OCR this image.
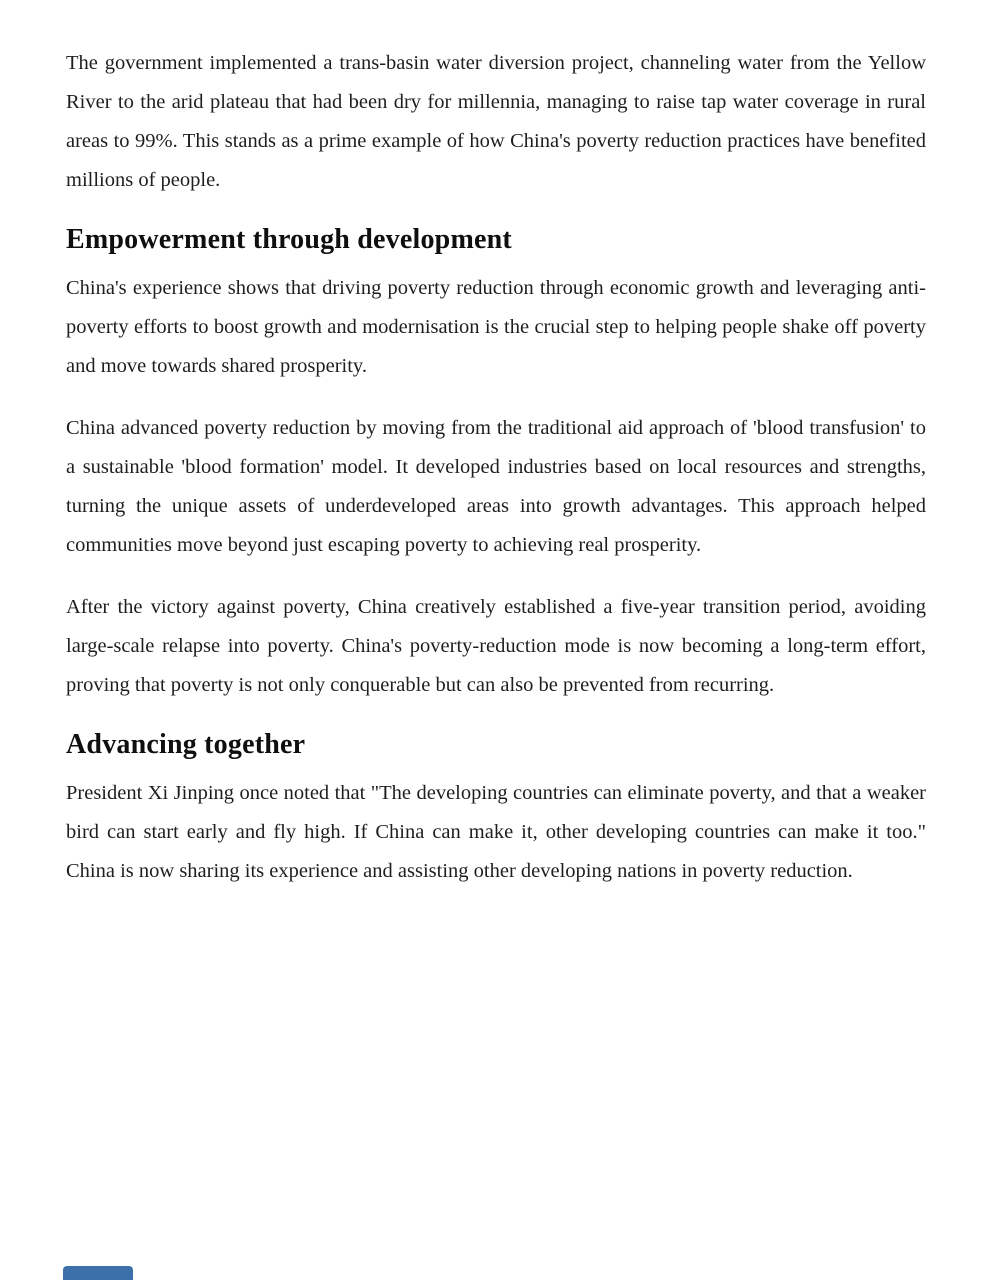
The government implemented a trans-basin water diversion project, channeling water from the Yellow River to the arid plateau that had been dry for millennia, managing to raise tap water coverage in rural areas to 99%. This stands as a prime example of how China's poverty reduction practices have benefited millions of people.

Empowerment through development

China's experience shows that driving poverty reduction through economic growth and leveraging anti-poverty efforts to boost growth and modernisation is the crucial step to helping people shake off poverty and move towards shared prosperity.

China advanced poverty reduction by moving from the traditional aid approach of 'blood transfusion' to a sustainable 'blood formation' model. It developed industries based on local resources and strengths, turning the unique assets of underdeveloped areas into growth advantages. This approach helped communities move beyond just escaping poverty to achieving real prosperity.

After the victory against poverty, China creatively established a five-year transition period, avoiding large-scale relapse into poverty. China's poverty-reduction mode is now becoming a long-term effort, proving that poverty is not only conquerable but can also be prevented from recurring.

Advancing together

President Xi Jinping once noted that "The developing countries can eliminate poverty, and that a weaker bird can start early and fly high. If China can make it, other developing countries can make it too." China is now sharing its experience and assisting other developing nations in poverty reduction.
